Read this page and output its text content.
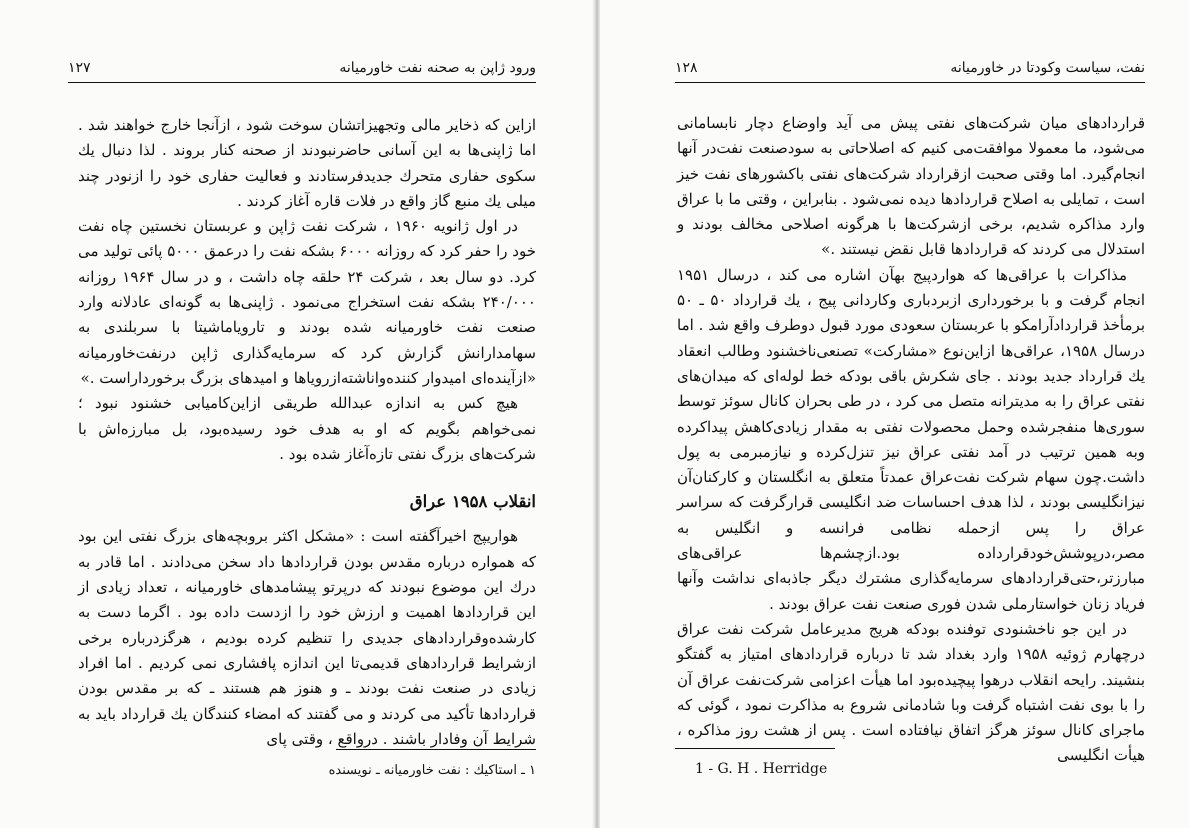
ورود ژاپن به صحنه نفت خاورمیانه
۱۲۷

ازاین که ذخایر مالی وتجهیزاتشان سوخت شود ، ازآنجا خارج خواهند شد . اما ژاپنی‌ها به این آسانی حاضرنبودند از صحنه کنار بروند . لذا دنبال یك سکوی حفاری متحرك جدیدفرستادند و فعالیت حفاری خود را ازنودر چند میلی یك منبع گاز واقع در فلات قاره آغاز کردند .

در اول ژانویه ۱۹۶۰ ، شرکت نفت ژاپن و عربستان نخستین چاه نفت خود را حفر کرد که روزانه ۶۰۰۰ بشکه نفت را درعمق ۵۰۰۰ پائی تولید می کرد. دو سال بعد ، شرکت ۲۴ حلقه چاه داشت ، و در سال ۱۹۶۴ روزانه ۲۴۰/۰۰۰ بشکه نفت استخراج می‌نمود . ژاپنی‌ها به گونه‌ای عادلانه وارد صنعت نفت خاورمیانه شده بودند و تارویاماشیتا با سربلندی به سهامدارانش گزارش کرد که سرمایه‌گذاری ژاپن درنفت‌خاورمیانه «ازآینده‌ای امیدوار کننده‌واناشته‌ازرویاها و امیدهای بزرگ برخورداراست .»

هیچ کس به اندازه عبدالله طریقی ازاین‌کامیابی خشنود نبود ؛ نمی‌خواهم بگویم که او به هدف خود رسیده‌بود، بل مبارزه‌اش با شرکت‌های بزرگ نفتی تازه‌آغاز شده بود .

انقلاب ۱۹۵۸ عراق

هواریپج اخیرآگفته است : «مشکل اکثر بروبچه‌های بزرگ نفتی این بود که همواره درباره مقدس بودن قراردادها داد سخن می‌دادند . اما قادر به درك این موضوع نبودند که درپرتو پیشامدهای خاورمیانه ، تعداد زیادی از این قراردادها اهمیت و ارزش خود را ازدست داده بود . اگرما دست به کارشده‌وقراردادهای جدیدی را تنظیم کرده بودیم ، هرگزدرباره برخی ازشرایط قراردادهای قدیمی‌تا این اندازه پافشاری نمی کردیم . اما افراد زیادی در صنعت نفت بودند ـ و هنوز هم هستند ـ که بر مقدس بودن قراردادها تأکید می کردند و می گفتند که امضاء کنندگان یك قرارداد باید به شرایط آن وفادار باشند . درواقع ، وقتی پای

۱ ـ استاکیك : نفت خاورمیانه ـ نویسنده
نفت، سیاست وکودتا در خاورمیانه
۱۲۸

قراردادهای میان شرکت‌های نفتی پیش می آید واوضاع دچار نابسامانی می‌شود، ما معمولا موافقت‌می کنیم که اصلاحاتی به سودصنعت نفت‌در آنها انجام‌گیرد. اما وقتی صحبت ازقرارداد شرکت‌های نفتی باکشورهای نفت خیز است ، تمایلی به اصلاح قراردادها دیده نمی‌شود . بنابراین ، وقتی ما با عراق وارد مذاکره شدیم، برخی ازشرکت‌ها با هرگونه اصلاحی مخالف بودند و استدلال می کردند که قراردادها قابل نقض نیستند .»

مذاکرات با عراقی‌ها که هواردپیج بهآن اشاره می کند ، درسال ۱۹۵۱ انجام گرفت و با برخورداری ازبرد‌باری وکاردانی پیج ، یك قرارداد ۵۰ ـ ۵۰ برمأخذ قرارداد‌آرامکو با عربستان سعودی مورد قبول دوطرف واقع شد . اما درسال ۱۹۵۸، عراقی‌ها ازاین‌نوع «مشارکت» تصنعی‌ناخشنود وطالب انعقاد یك قرارداد جدید بودند . جای شکرش باقی بودکه خط لوله‌ای که میدان‌های نفتی عراق را به مدیترانه متصل می کرد ، در طی بحران کانال سوئز توسط سوری‌ها منفجرشده وحمل محصولات نفتی به مقدار زیادی‌کاهش پیدا‌کرده وبه همین ترتیب در آمد نفتی عراق نیز تنزل‌کرده و نیازمبرمی به پول داشت.چون سهام شرکت نفت‌عراق عمدتاً متعلق به انگلستان و کارکنان‌آن نیزانگلیسی بودند ، لذا هدف احساسات ضد انگلیسی قرار‌گرفت که سراسر عراق را پس ازحمله نظامی فرانسه و انگلیس به مصر،درپوشش‌خودقرارداده بود.ازچشم‌ها عراقی‌های مبارزتر،حتی‌قراردادهای سرمایه‌گذاری مشترك دیگر جاذبه‌ای نداشت وآنها فریاد زنان خواستارملی شدن فوری صنعت نفت عراق بودند .

در این جو ناخشنودی توفنده بودکه هریج مدیرعامل شرکت نفت عراق درچهارم ژوئیه ۱۹۵۸ وارد بغداد شد تا درباره قراردادهای امتیاز به گفتگو بنشیند. رایحه انقلاب درهوا پیچیده‌بود اما هیأت اعزامی شرکت‌نفت عراق‌ آن را با بوی نفت اشتباه گرفت وبا شادمانی شروع به مذاکرت نمود ، گوئی که ماجرای کانال سوئز هرگز اتفاق نیافتاده است . پس از هشت روز مذاکره ، هیأت انگلیسی

1 - G. H . Herridge
